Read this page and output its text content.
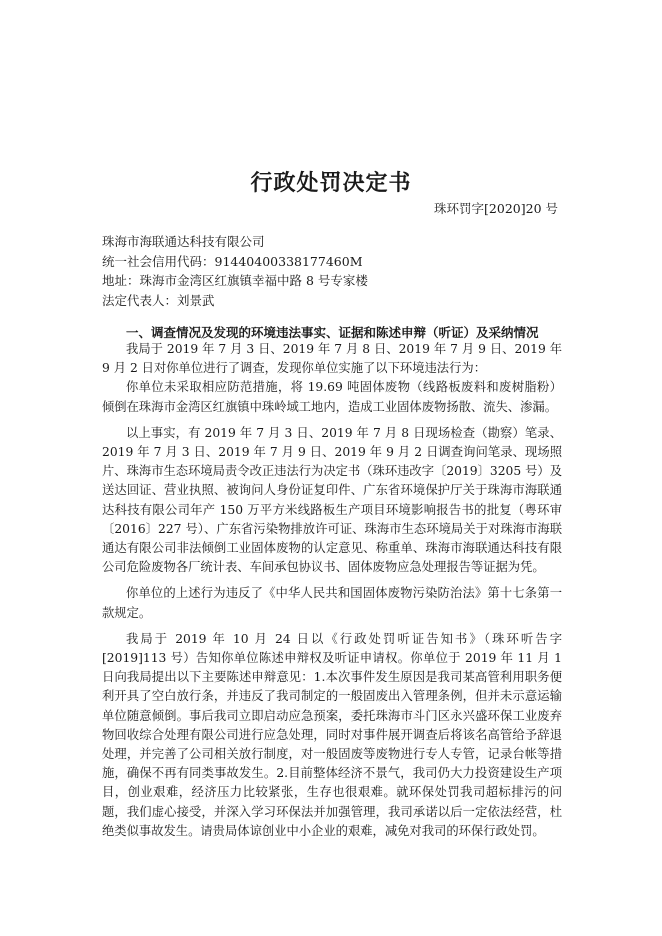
行政处罚决定书
珠环罚字[2020]20 号
珠海市海联通达科技有限公司
统一社会信用代码：91440400338177460M
地址：珠海市金湾区红旗镇幸福中路 8 号专家楼
法定代表人：刘景武
一、调查情况及发现的环境违法事实、证据和陈述申辩（听证）及采纳情况

我局于 2019 年 7 月 3 日、2019 年 7 月 8 日、2019 年 7 月 9 日、2019 年 9 月 2 日对你单位进行了调查，发现你单位实施了以下环境违法行为：

你单位未采取相应防范措施，将 19.69 吨固体废物（线路板废料和废树脂粉）倾倒在珠海市金湾区红旗镇中珠岭域工地内，造成工业固体废物扬散、流失、渗漏。

以上事实，有 2019 年 7 月 3 日、2019 年 7 月 8 日现场检查（勘察）笔录、2019 年 7 月 3 日、2019 年 7 月 9 日、2019 年 9 月 2 日调查询问笔录、现场照片、珠海市生态环境局责令改正违法行为决定书（珠环违改字〔2019〕3205 号）及送达回证、营业执照、被询问人身份证复印件、广东省环境保护厅关于珠海市海联通达科技有限公司年产 150 万平方米线路板生产项目环境影响报告书的批复（粤环审〔2016〕227 号）、广东省污染物排放许可证、珠海市生态环境局关于对珠海市海联通达有限公司非法倾倒工业固体废物的认定意见、称重单、珠海市海联通达科技有限公司危险废物各厂统计表、车间承包协议书、固体废物应急处理报告等证据为凭。

你单位的上述行为违反了《中华人民共和国固体废物污染防治法》第十七条第一款规定。

我局于 2019 年 10 月 24 日以《行政处罚听证告知书》（珠环听告字[2019]113 号）告知你单位陈述申辩权及听证申请权。你单位于 2019 年 11 月 1 日向我局提出以下主要陈述申辩意见：1.本次事件发生原因是我司某高管利用职务便利开具了空白放行条，并违反了我司制定的一般固废出入管理条例，但并未示意运输单位随意倾倒。事后我司立即启动应急预案，委托珠海市斗门区永兴盛环保工业废弃物回收综合处理有限公司进行应急处理，同时对事件展开调查后将该名高管给予辞退处理，并完善了公司相关放行制度，对一般固废等废物进行专人专管，记录台帐等措施，确保不再有同类事故发生。2.目前整体经济不景气，我司仍大力投资建设生产项目，创业艰难，经济压力比较紧张，生存也很艰难。就环保处罚我司超标排污的问题，我们虚心接受，并深入学习环保法并加强管理，我司承诺以后一定依法经营，杜绝类似事故发生。请贵局体谅创业中小企业的艰难，减免对我司的环保行政处罚。
